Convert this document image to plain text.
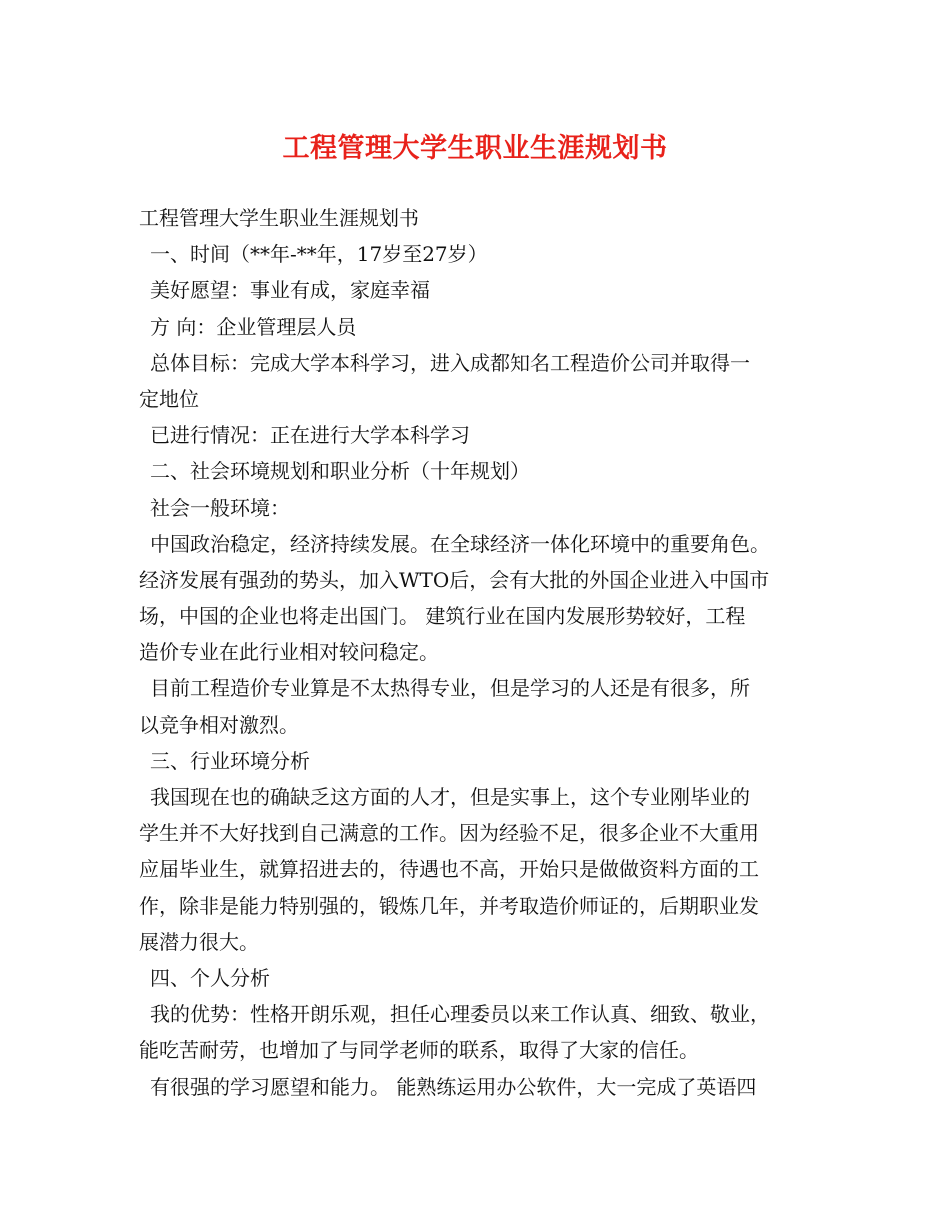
工程管理大学生职业生涯规划书
工程管理大学生职业生涯规划书
一、时间（**年-**年，17岁至27岁）
美好愿望：事业有成，家庭幸福
方 向：企业管理层人员
总体目标：完成大学本科学习，进入成都知名工程造价公司并取得一
定地位
已进行情况：正在进行大学本科学习
二、社会环境规划和职业分析（十年规划）
社会一般环境：
中国政治稳定，经济持续发展。在全球经济一体化环境中的重要角色。
经济发展有强劲的势头，加入WTO后，会有大批的外国企业进入中国市
场，中国的企业也将走出国门。 建筑行业在国内发展形势较好，工程
造价专业在此行业相对较问稳定。
目前工程造价专业算是不太热得专业，但是学习的人还是有很多，所
以竞争相对激烈。
三、行业环境分析
我国现在也的确缺乏这方面的人才，但是实事上，这个专业刚毕业的
学生并不大好找到自己满意的工作。因为经验不足，很多企业不大重用
应届毕业生，就算招进去的，待遇也不高，开始只是做做资料方面的工
作，除非是能力特别强的，锻炼几年，并考取造价师证的，后期职业发
展潜力很大。
四、个人分析
我的优势：性格开朗乐观，担任心理委员以来工作认真、细致、敬业，
能吃苦耐劳，也增加了与同学老师的联系，取得了大家的信任。
有很强的学习愿望和能力。 能熟练运用办公软件，大一完成了英语四
